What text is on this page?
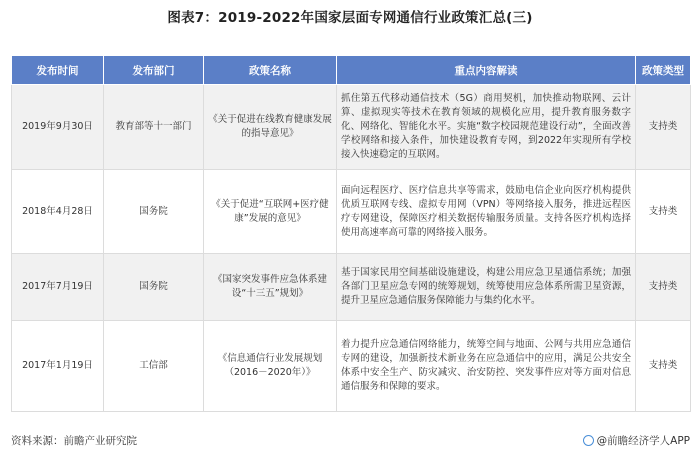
图表7：2019-2022年国家层面专网通信行业政策汇总(三)
发布时间	发布部门	政策名称	重点内容解读	政策类型
2019年9月30日	教育部等十一部门	《关于促进在线教育健康发展的指导意见》	抓住第五代移动通信技术（5G）商用契机，加快推动物联网、云计算、虚拟现实等技术在教育领域的规模化应用，提升教育服务数字化、网络化、智能化水平。实施“数字校园规范建设行动”，全面改善学校网络和接入条件，加快建设教育专网，到2022年实现所有学校接入快速稳定的互联网。	支持类
2018年4月28日	国务院	《关于促进“互联网+医疗健康”发展的意见》	面向远程医疗、医疗信息共享等需求，鼓励电信企业向医疗机构提供优质互联网专线、虚拟专用网（VPN）等网络接入服务，推进远程医疗专网建设，保障医疗相关数据传输服务质量。支持各医疗机构选择使用高速率高可靠的网络接入服务。	支持类
2017年7月19日	国务院	《国家突发事件应急体系建设“十三五”规划》	基于国家民用空间基础设施建设，构建公用应急卫星通信系统；加强各部门卫星应急专网的统筹规划，统筹使用应急体系所需卫星资源，提升卫星应急通信服务保障能力与集约化水平。	支持类
2017年1月19日	工信部	《信息通信行业发展规划（2016－2020年）》	着力提升应急通信网络能力，统筹空间与地面、公网与共用应急通信专网的建设，加强新技术新业务在应急通信中的应用，满足公共安全体系中安全生产、防灾减灾、治安防控、突发事件应对等方面对信息通信服务和保障的要求。	支持类
资料来源：前瞻产业研究院	@前瞻经济学人APP
